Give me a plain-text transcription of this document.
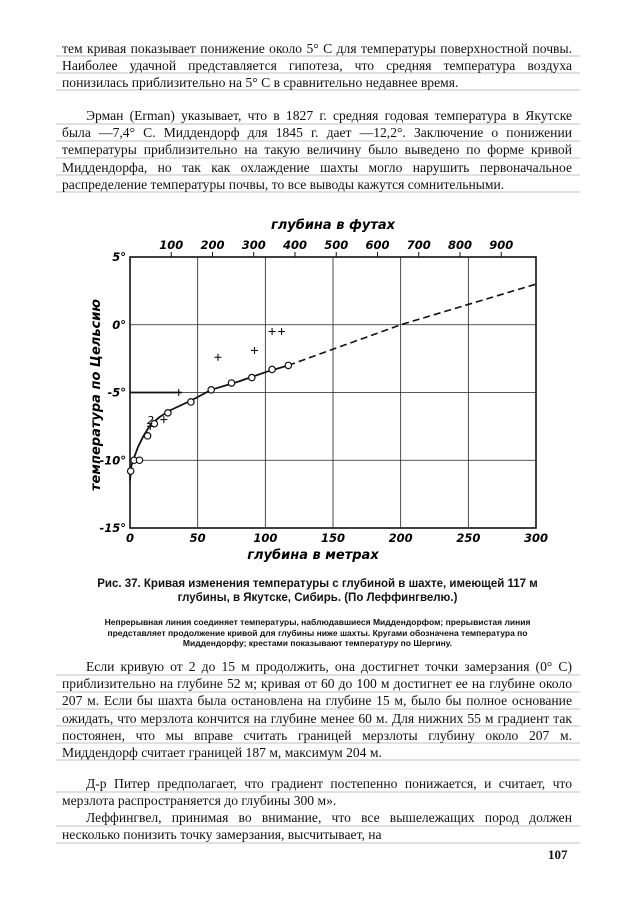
тем кривая показывает понижение около 5° С для температуры поверхностной почвы. Наиболее удачной представляется гипотеза, что средняя температура воздуха понизилась приблизительно на 5° С в сравнительно недавнее время.

Эрман (Erman) указывает, что в 1827 г. средняя годовая температура в Якутске была —7,4° С. Миддендорф для 1845 г. дает —12,2°. Заключение о понижении температуры приблизительно на такую величину было выведено по форме кривой Миддендорфа, но так как охлаждение шахты могло нарушить первоначальное распределение температуры почвы, то все выводы кажутся сомнительными.

0	50	100	150	200	250	300
5°
0°
-5°
-10°
-15°
100 200 300 400 500 600 700 800 900
глубина в футах
глубина в метрах
температура по Цельсию	2

Рис. 37. Кривая изменения температуры с глубиной в шахте, имеющей 117 м глубины, в Якутске, Сибирь. (По Леффингвелю.)

Непрерывная линия соединяет температуры, наблюдавшиеся Миддендорфом; прерывистая линия представляет продолжение кривой для глубины ниже шахты. Кругами обозначена температура по Миддендорфу; крестами показывают температуру по Шергину.

Если кривую от 2 до 15 м продолжить, она достигнет точки замерзания (0° С) приблизительно на глубине 52 м; кривая от 60 до 100 м достигнет ее на глубине около 207 м. Если бы шахта была остановлена на глубине 15 м, было бы полное основание ожидать, что мерзлота кончится на глубине менее 60 м. Для нижних 55 м градиент так постоянен, что мы вправе считать границей мерзлоты глубину около 207 м. Миддендорф считает границей 187 м, максимум 204 м.

Д-р Питер предполагает, что градиент постепенно понижается, и считает, что мерзлота распространяется до глубины 300 м».

Леффингвел, принимая во внимание, что все вышележащих пород должен несколько понизить точку замерзания, высчитывает, на

107
